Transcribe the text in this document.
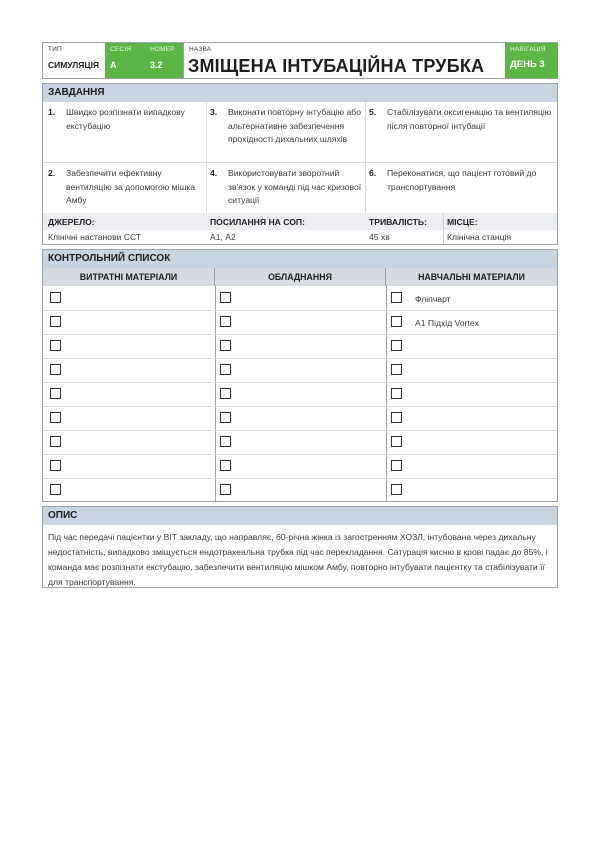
ТИП
СИМУЛЯЦІЯ
СЕСІЯ
А
НОМЕР
3.2
НАЗВА
ЗМІЩЕНА ІНТУБАЦІЙНА ТРУБКА
НАВІГАЦІЯ
ДЕНЬ 3
ЗАВДАННЯ
1. Швидко розпізнати випадкову екстубацію
3. Виконати повторну інтубацію або альтернативне забезпечення прохідності дихальних шляхів
5. Стабілізувати оксигенацію та вентиляцію після повторної інтубації
2. Забезпечити ефективну вентиляцію за допомогою мішка Амбу
4. Використовувати зворотний зв'язок у команді під час кризової ситуації
6. Переконатися, що пацієнт готовий до транспортування
ДЖЕРЕЛО:
Клінічні настанови ССТ
ПОСИЛАННЯ НА СОП:
А1, А2
ТРИВАЛІСТЬ:
45 хв
МІСЦЕ:
Клінічна станція
КОНТРОЛЬНИЙ СПИСОК
ВИТРАТНІ МАТЕРІАЛИ	ОБЛАДНАННЯ	НАВЧАЛЬНІ МАТЕРІАЛИ
Фліпчарт
А1 Підхід Vortex
ОПИС
Під час передачі пацієнтки у ВІТ закладу, що направляє, 60-річна жінка із загостренням ХОЗЛ, інтубована через дихальну недостатність, випадково зміщується ендотрахеальна трубка під час перекладання. Сатурація кисню в крові падає до 85%, і команда має розпізнати екстубацію, забезпечити вентиляцію мішком Амбу, повторно інтубувати пацієнтку та стабілізувати її для транспортування.
